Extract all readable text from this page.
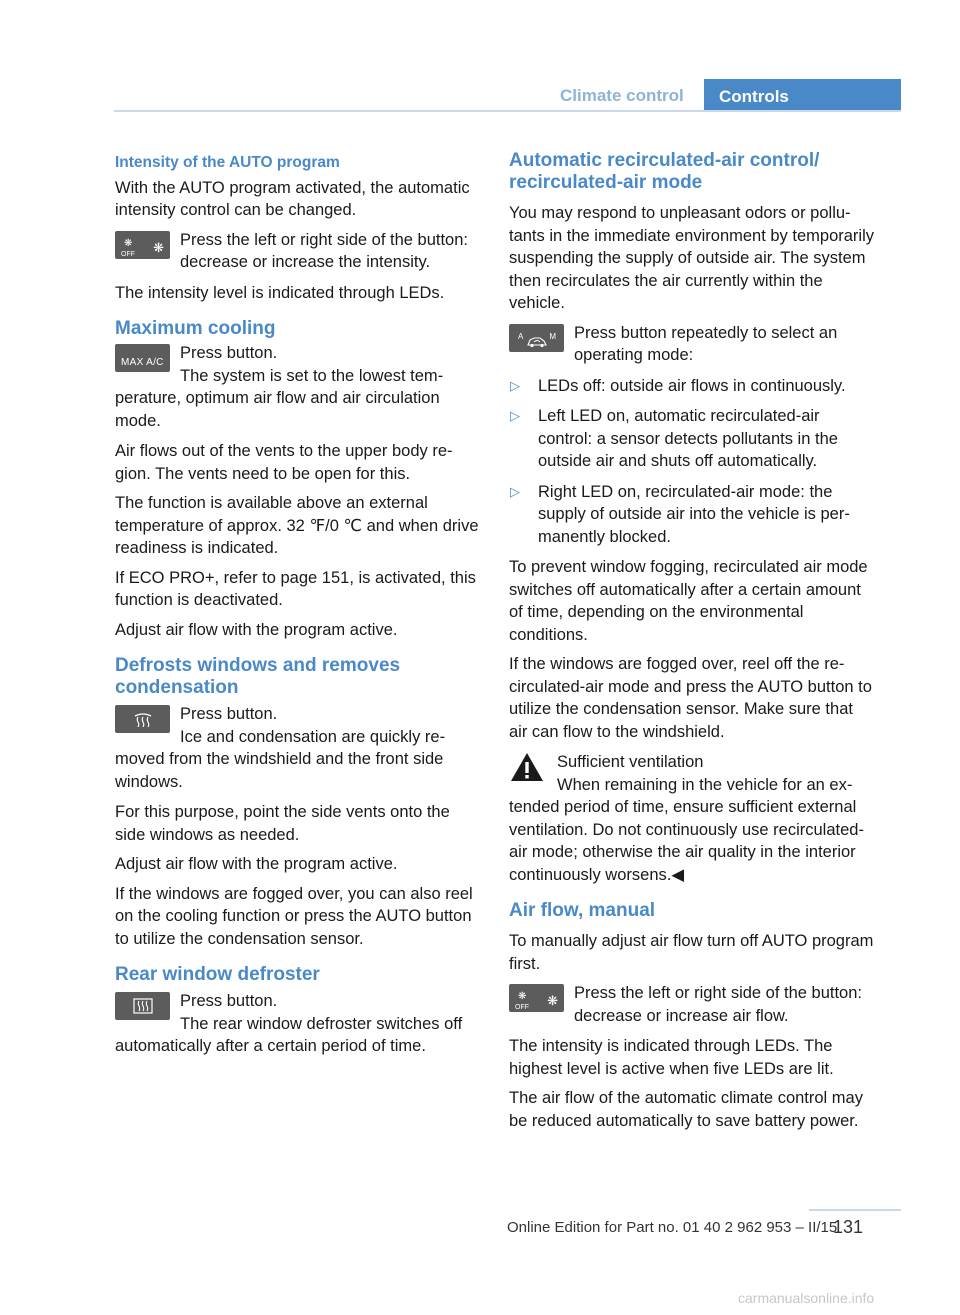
Climate control	Controls
Intensity of the AUTO program

With the AUTO program activated, the automatic intensity control can be changed.

❋
OFF ❋ Press the left or right side of the button: decrease or increase the intensity.

The intensity level is indicated through LEDs.

Maximum cooling
MAX A/C

Press button.

The system is set to the lowest temperature, optimum air flow and air circulation mode.

Air flows out of the vents to the upper body region. The vents need to be open for this.

The function is available above an external temperature of approx. 32 ℉/0 ℃ and when drive readiness is indicated.

If ECO PRO+, refer to page 151, is activated, this function is deactivated.

Adjust air flow with the program active.

Defrosts windows and removes condensation

Press button.

Ice and condensation are quickly removed from the windshield and the front side windows.

For this purpose, point the side vents onto the side windows as needed.

Adjust air flow with the program active.

If the windows are fogged over, you can also reel on the cooling function or press the AUTO button to utilize the condensation sensor.

Rear window defroster

Press button.

The rear window defroster switches off automatically after a certain period of time.

Automatic recirculated-air control/ recirculated-air mode

You may respond to unpleasant odors or pollutants in the immediate environment by temporarily suspending the supply of outside air. The system then recirculates the air currently within the vehicle.

A	M	Press button repeatedly to select an operating mode:

▷ LEDs off: outside air flows in continuously.
▷ Left LED on, automatic recirculated-air control: a sensor detects pollutants in the outside air and shuts off automatically.
▷ Right LED on, recirculated-air mode: the supply of outside air into the vehicle is permanently blocked.

To prevent window fogging, recirculated air mode switches off automatically after a certain amount of time, depending on the environmental conditions.

If the windows are fogged over, reel off the recirculated-air mode and press the AUTO button to utilize the condensation sensor. Make sure that air can flow to the windshield.

Sufficient ventilation

When remaining in the vehicle for an extended period of time, ensure sufficient external ventilation. Do not continuously use recirculated-air mode; otherwise the air quality in the interior continuously worsens.◀

Air flow, manual

To manually adjust air flow turn off AUTO program first.

❋
OFF ❋ Press the left or right side of the button: decrease or increase air flow.

The intensity is indicated through LEDs. The highest level is active when five LEDs are lit.

The air flow of the automatic climate control may be reduced automatically to save battery power.

Online Edition for Part no. 01 40 2 962 953 – II/15
131
carmanualsonline.info
